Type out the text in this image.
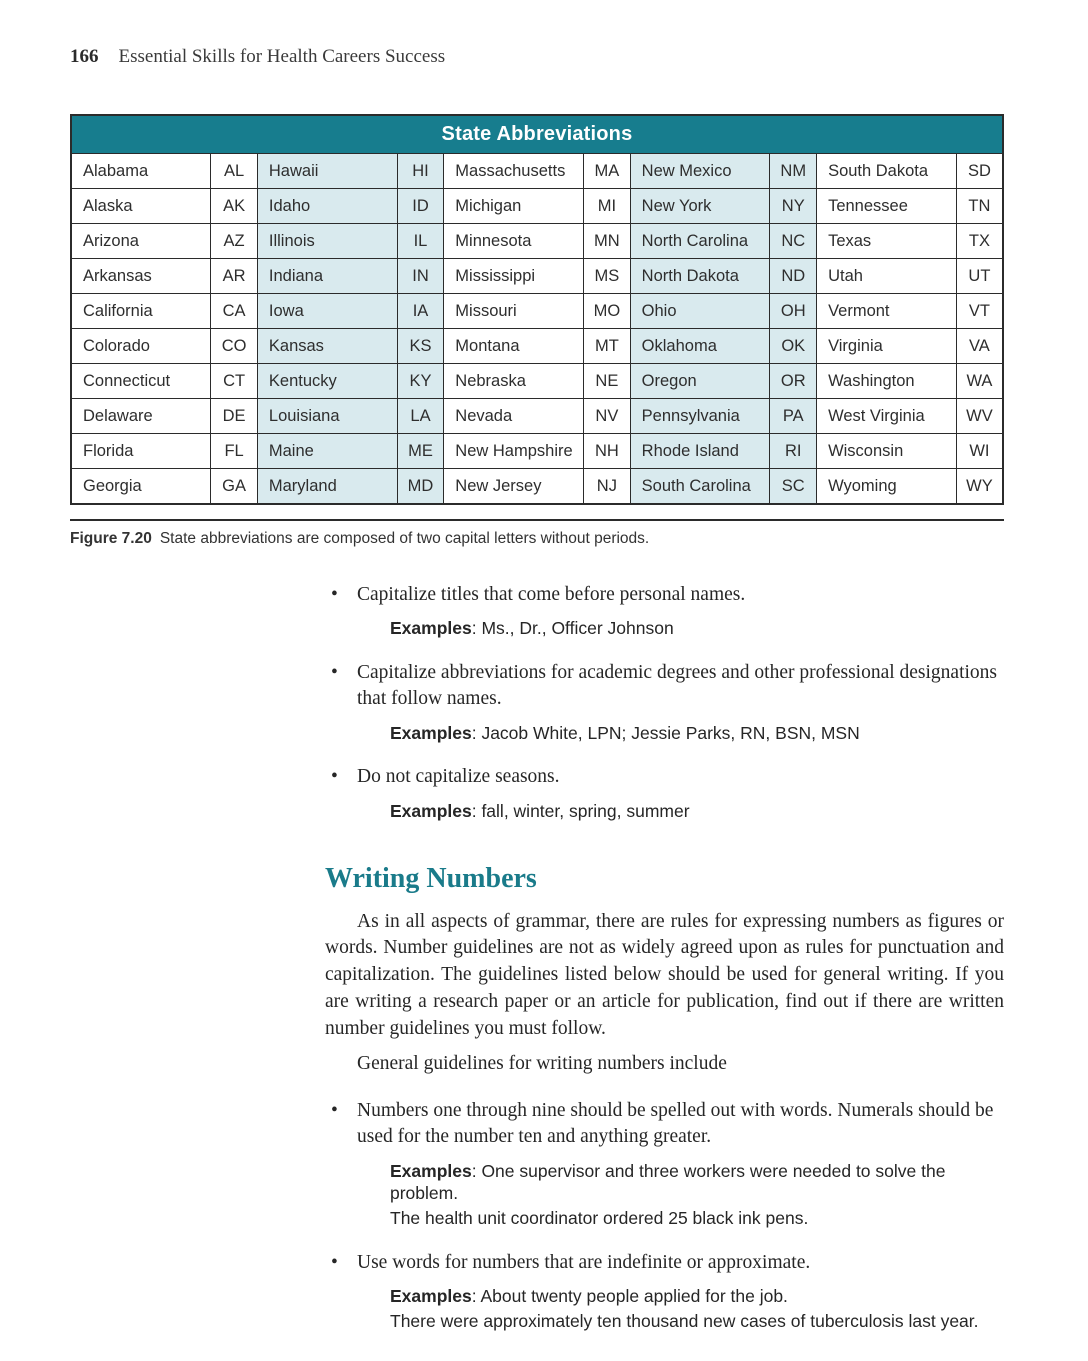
166 Essential Skills for Health Careers Success
State Abbreviations									
Alabama	AL	Hawaii	HI	Massachusetts	MA	New Mexico	NM	South Dakota	SD
Alaska	AK	Idaho	ID	Michigan	MI	New York	NY	Tennessee	TN
Arizona	AZ	Illinois	IL	Minnesota	MN	North Carolina	NC	Texas	TX
Arkansas	AR	Indiana	IN	Mississippi	MS	North Dakota	ND	Utah	UT
California	CA	Iowa	IA	Missouri	MO	Ohio	OH	Vermont	VT
Colorado	CO	Kansas	KS	Montana	MT	Oklahoma	OK	Virginia	VA
Connecticut	CT	Kentucky	KY	Nebraska	NE	Oregon	OR	Washington	WA
Delaware	DE	Louisiana	LA	Nevada	NV	Pennsylvania	PA	West Virginia	WV
Florida	FL	Maine	ME	New Hampshire	NH	Rhode Island	RI	Wisconsin	WI
Georgia	GA	Maryland	MD	New Jersey	NJ	South Carolina	SC	Wyoming	WY
Figure 7.20 State abbreviations are composed of two capital letters without periods.
• Capitalize titles that come before personal names.
Examples: Ms., Dr., Officer Johnson
• Capitalize abbreviations for academic degrees and other professional designations that follow names.
Examples: Jacob White, LPN; Jessie Parks, RN, BSN, MSN
• Do not capitalize seasons.
Examples: fall, winter, spring, summer
Writing Numbers

As in all aspects of grammar, there are rules for expressing numbers as figures or words. Number guidelines are not as widely agreed upon as rules for punctuation and capitalization. The guidelines listed below should be used for general writing. If you are writing a research paper or an article for publication, find out if there are written number guidelines you must follow.

General guidelines for writing numbers include

• Numbers one through nine should be spelled out with words. Numerals should be used for the number ten and anything greater.
Examples: One supervisor and three workers were needed to solve the problem.
The health unit coordinator ordered 25 black ink pens.
• Use words for numbers that are indefinite or approximate.
Examples: About twenty people applied for the job.
There were approximately ten thousand new cases of tuberculosis last year.
